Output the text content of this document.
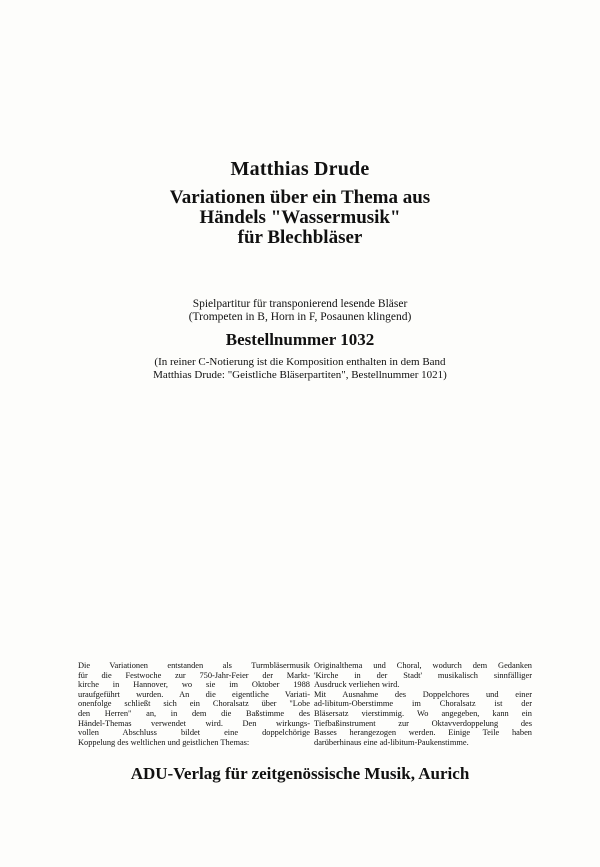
Matthias Drude

Variationen über ein Thema aus
Händels "Wassermusik"
für Blechbläser

Spielpartitur für transponierend lesende Bläser
(Trompeten in B, Horn in F, Posaunen klingend)

Bestellnummer 1032

(In reiner C-Notierung ist die Komposition enthalten in dem Band
Matthias Drude: "Geistliche Bläserpartiten", Bestellnummer 1021)

Die Variationen entstanden als Turmbläsermusik
für die Festwoche zur 750-Jahr-Feier der Markt-
kirche in Hannover, wo sie im Oktober 1988
uraufgeführt wurden. An die eigentliche Variati-
onenfolge schließt sich ein Choralsatz über "Lobe
den Herren" an, in dem die Baßstimme des
Händel-Themas verwendet wird. Den wirkungs-
vollen Abschluss bildet eine doppelchörige
Koppelung des weltlichen und geistlichen Themas:
Originalthema und Choral, wodurch dem Gedanken
'Kirche in der Stadt' musikalisch sinnfälliger
Ausdruck verliehen wird.
Mit Ausnahme des Doppelchores und einer
ad-libitum-Oberstimme im Choralsatz ist der
Bläsersatz vierstimmig. Wo angegeben, kann ein
Tiefbaßinstrument zur Oktavverdoppelung des
Basses herangezogen werden. Einige Teile haben
darüberhinaus eine ad-libitum-Paukenstimme.

ADU-Verlag für zeitgenössische Musik, Aurich
